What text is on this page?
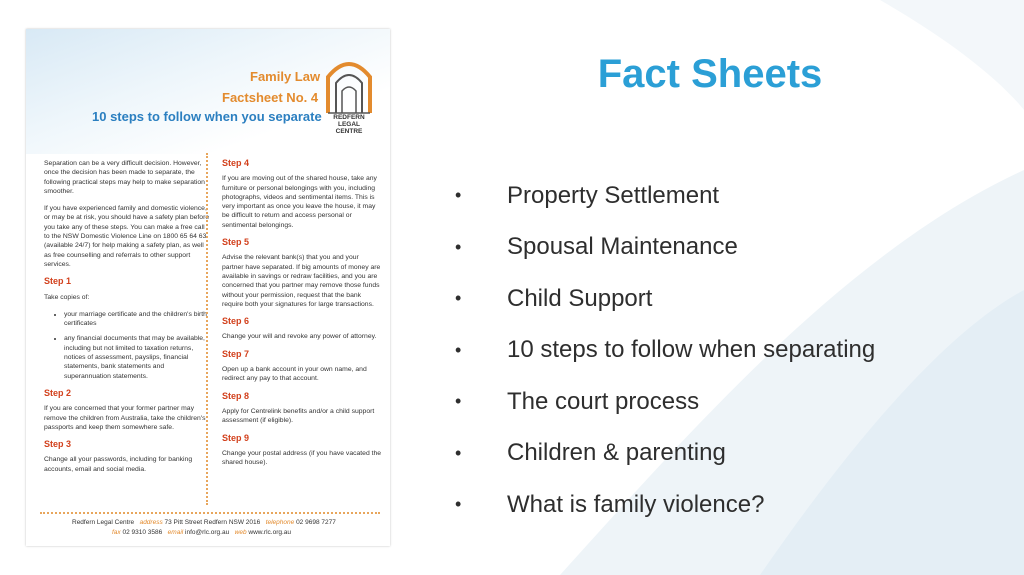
Fact Sheets
•	Property Settlement
•	Spousal Maintenance
•	Child Support
•	10 steps to follow when separating
•	The court process
•	Children & parenting
•	What is family violence?
Family Law
Factsheet No. 4
10 steps to follow when you separate	REDFERN
LEGAL CENTRE

Separation can be a very difficult decision. However, once the decision has been made to separate, the following practical steps may help to make separation smoother.

If you have experienced family and domestic violence, or may be at risk, you should have a safety plan before you take any of these steps. You can make a free call to the NSW Domestic Violence Line on 1800 65 64 63 (available 24/7) for help making a safety plan, as well as free counselling and referrals to other support services.

Step 1

Take copies of:

• your marriage certificate and the children's birth certificates
• any financial documents that may be available, including but not limited to taxation returns, notices of assessment, payslips, financial statements, bank statements and superannuation statements.
Step 2

If you are concerned that your former partner may remove the children from Australia, take the children's passports and keep them somewhere safe.

Step 3

Change all your passwords, including for banking accounts, email and social media.

Step 4

If you are moving out of the shared house, take any furniture or personal belongings with you, including photographs, videos and sentimental items. This is very important as once you leave the house, it may be difficult to return and access personal or sentimental belongings.

Step 5

Advise the relevant bank(s) that you and your partner have separated. If big amounts of money are available in savings or redraw facilities, and you are concerned that you partner may remove those funds without your permission, request that the bank require both your signatures for large transactions.

Step 6

Change your will and revoke any power of attorney.

Step 7

Open up a bank account in your own name, and redirect any pay to that account.

Step 8

Apply for Centrelink benefits and/or a child support assessment (if eligible).

Step 9

Change your postal address (if you have vacated the shared house).

Redfern Legal Centre address 73 Pitt Street Redfern NSW 2016 telephone 02 9698 7277
fax 02 9310 3586 email info@rlc.org.au web www.rlc.org.au
